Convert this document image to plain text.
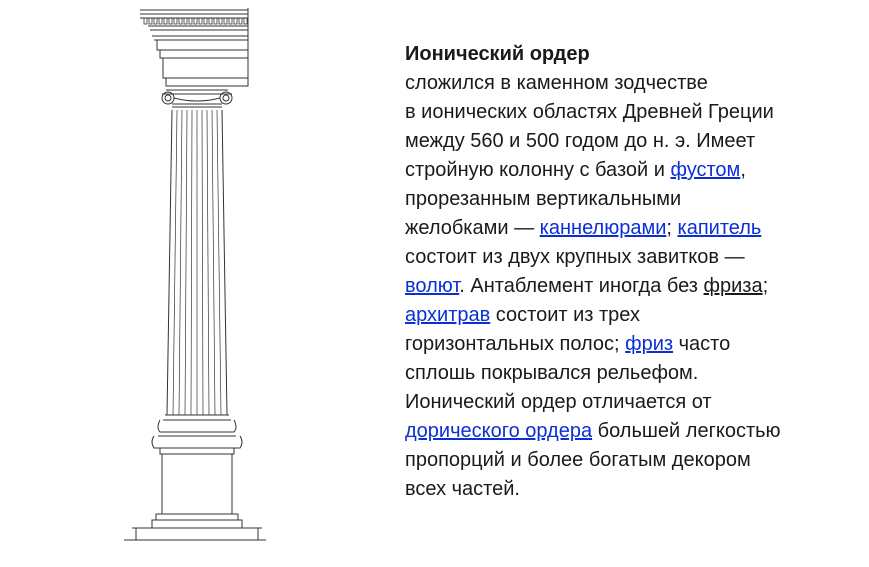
Ионический ордер
сложился в каменном зодчестве
в ионических областях Древней Греции
между 560 и 500 годом до н. э. Имеет
стройную колонну с базой и фустом,
прорезанным вертикальными
желобками — каннелюрами; капитель
состоит из двух крупных завитков —
волют. Антаблемент иногда без фриза;
архитрав состоит из трех
горизонтальных полос; фриз часто
сплошь покрывался рельефом.
Ионический ордер отличается от
дорического ордера большей легкостью
пропорций и более богатым декором
всех частей.
